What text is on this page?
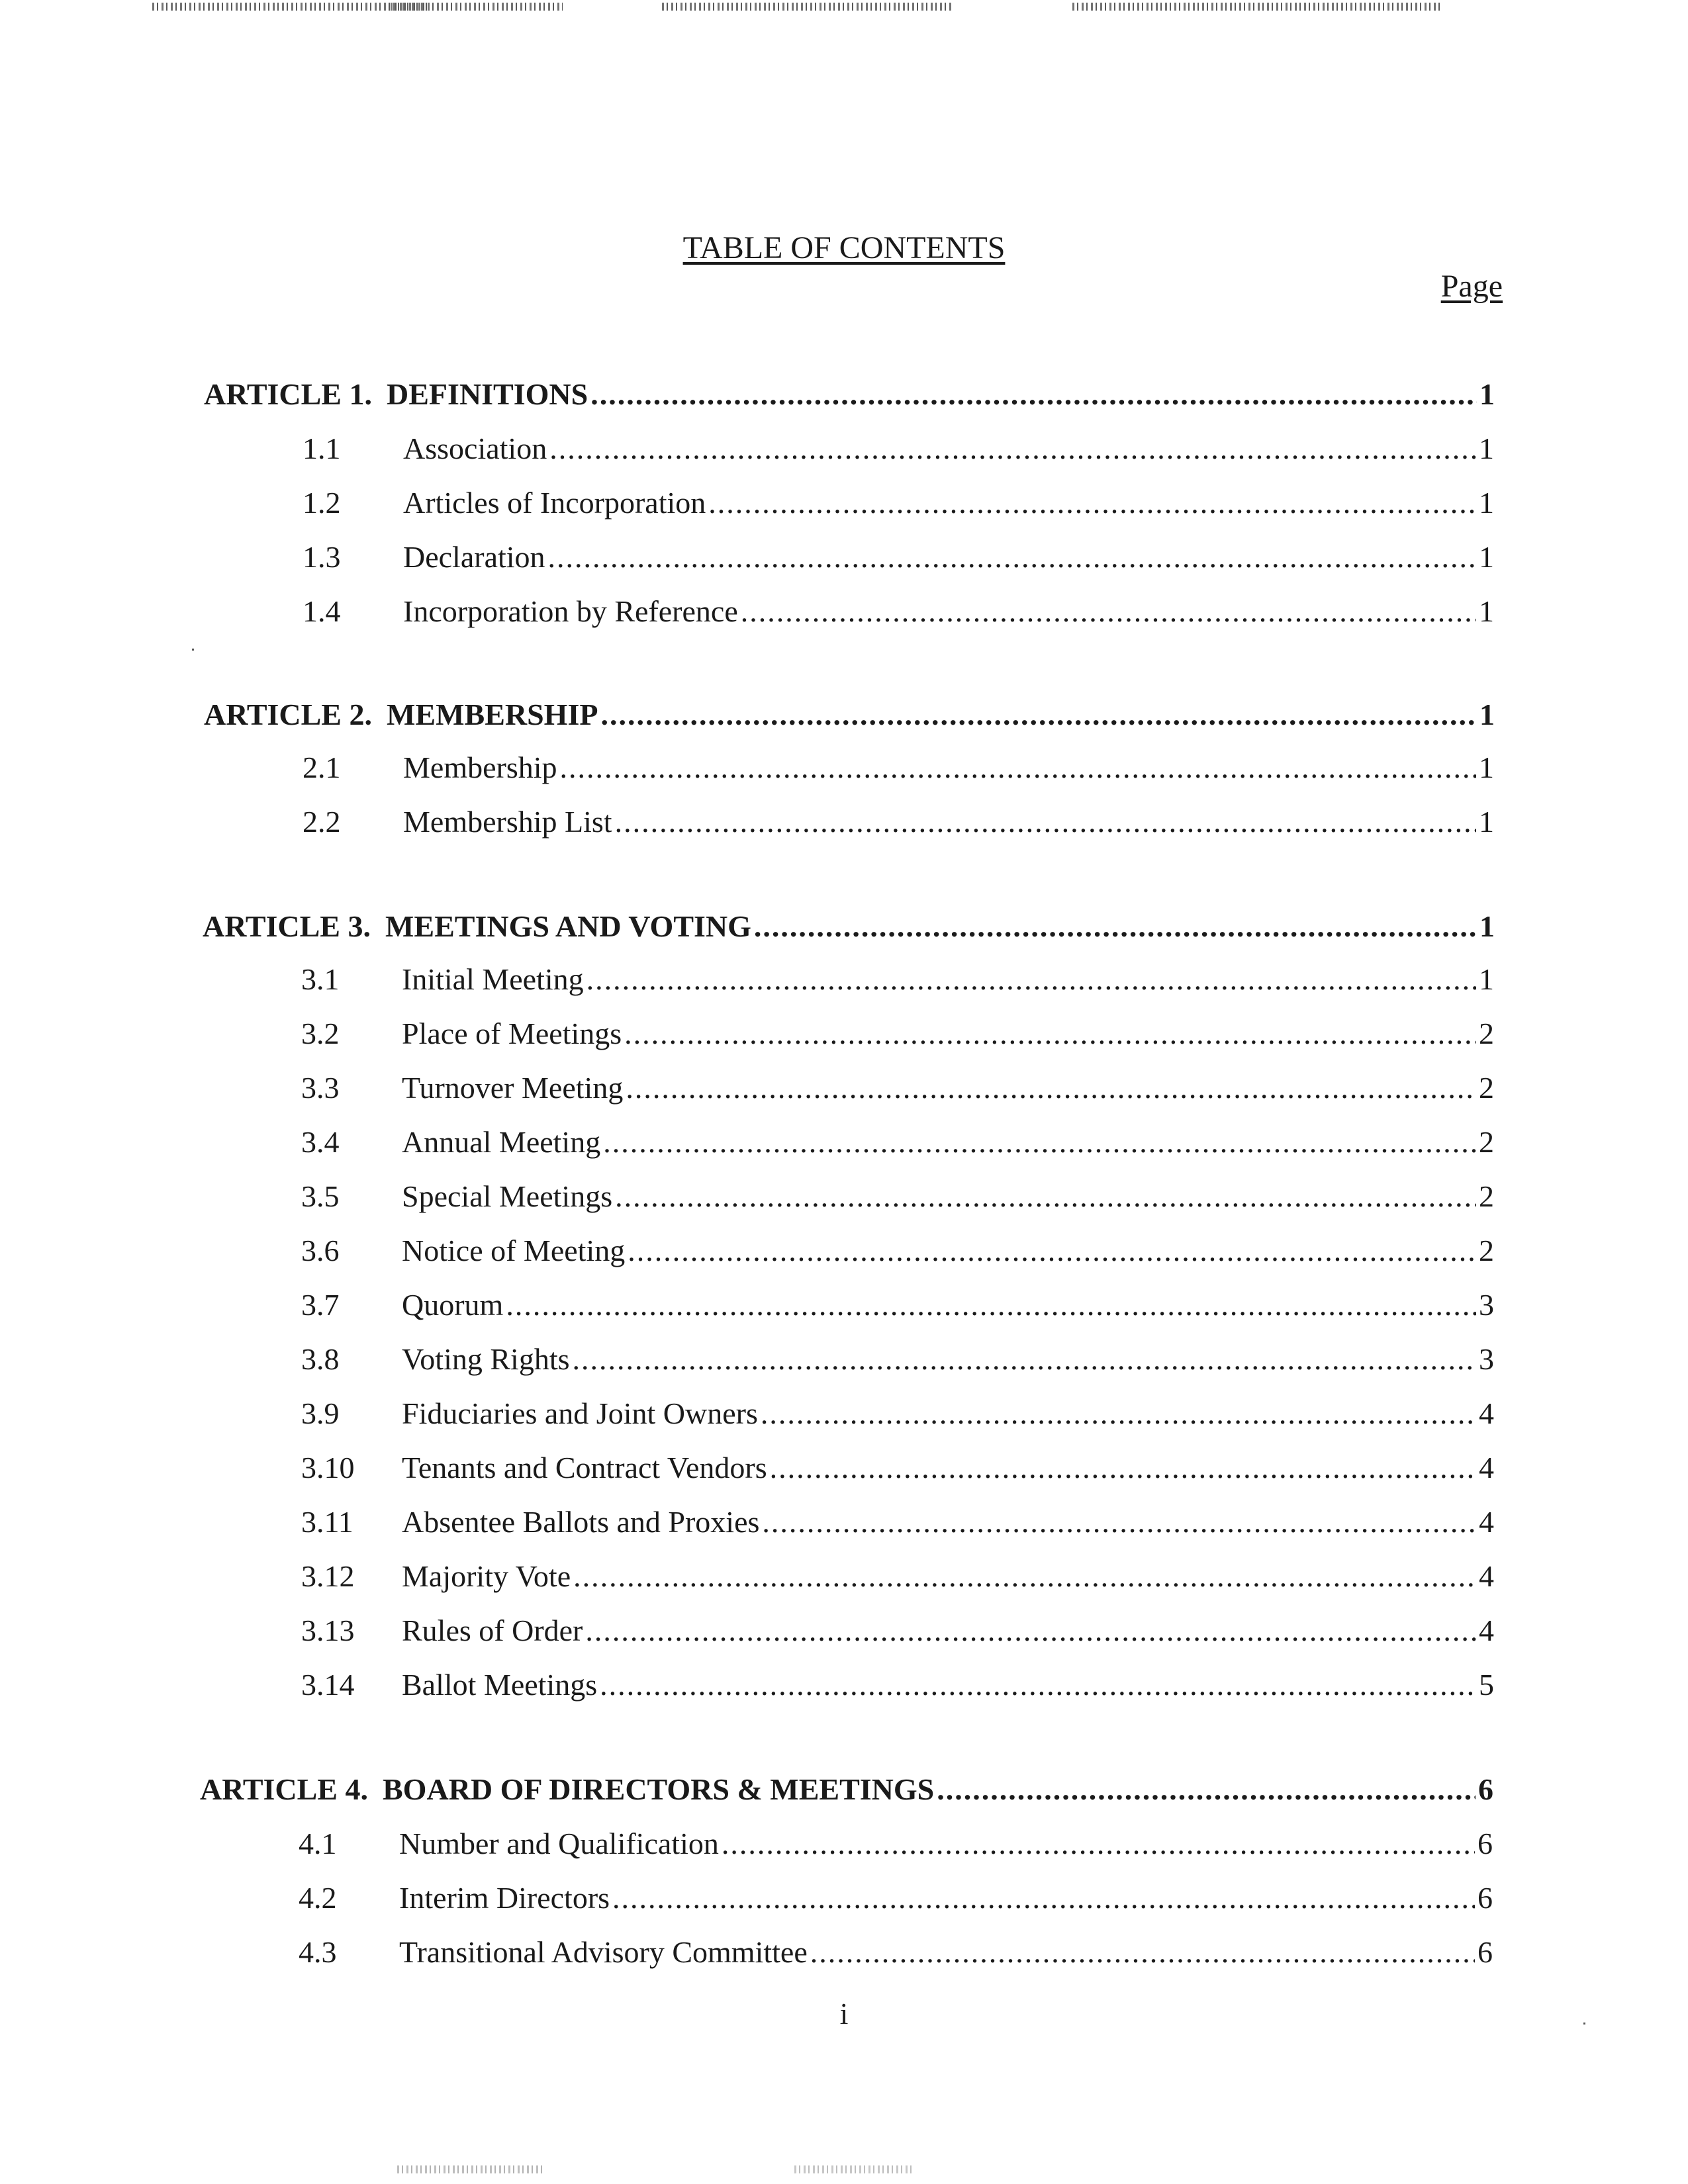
TABLE OF CONTENTS
Page
ARTICLE 1. DEFINITIONS .....	1
1.1	Association .....	1
1.2	Articles of Incorporation .....	1
1.3	Declaration .....	1
1.4	Incorporation by Reference .....	1
ARTICLE 2. MEMBERSHIP .....	1
2.1	Membership .....	1
2.2	Membership List .....	1
ARTICLE 3. MEETINGS AND VOTING .....	1
3.1	Initial Meeting .....	1
3.2	Place of Meetings .....	2
3.3	Turnover Meeting .....	2
3.4	Annual Meeting .....	2
3.5	Special Meetings .....	2
3.6	Notice of Meeting .....	2
3.7	Quorum .....	3
3.8	Voting Rights .....	3
3.9	Fiduciaries and Joint Owners .....	4
3.10	Tenants and Contract Vendors .....	4
3.11	Absentee Ballots and Proxies .....	4
3.12	Majority Vote .....	4
3.13	Rules of Order .....	4
3.14	Ballot Meetings .....	5
ARTICLE 4. BOARD OF DIRECTORS & MEETINGS .....	6
4.1	Number and Qualification .....	6
4.2	Interim Directors .....	6
4.3	Transitional Advisory Committee .....	6
i
